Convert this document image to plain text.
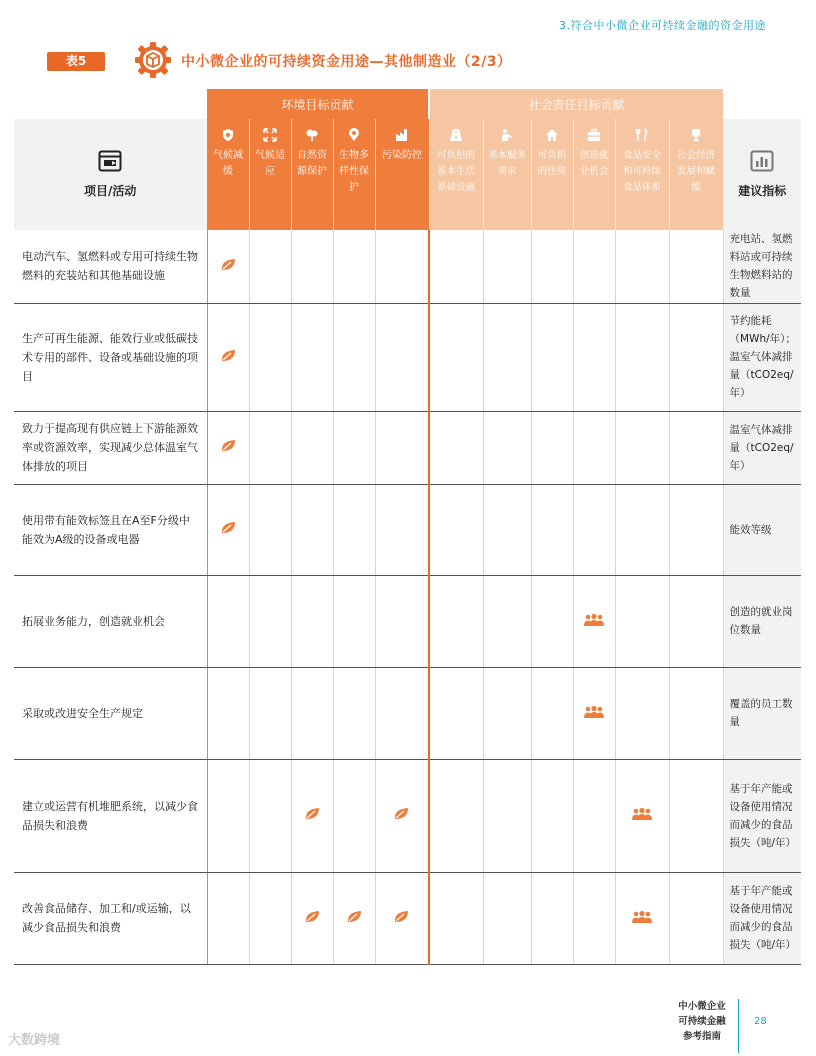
3.符合中小微企业可持续金融的资金用途
表5	中小微企业的可持续资金用途—其他制造业（2/3）
	环境目标贡献					社会责任目标贡献						

项目/活动	气候减缓	气候适应	自然资源保护	生物多样性保护	污染防控	可负担的基本生活基础设施	基本服务需求	可负担的住房	创造就业机会	食品安全和可持续食品体系	社会经济发展和赋能	建议指标
电动汽车、氢燃料或专用可持续生物燃料的充装站和其他基础设施												充电站、氢燃料站或可持续生物燃料站的数量
生产可再生能源、能效行业或低碳技术专用的部件、设备或基础设施的项目												节约能耗（MWh/年）；温室气体减排量（tCO2eq/年）
致力于提高现有供应链上下游能源效率或资源效率，实现减少总体温室气体排放的项目												温室气体减排量（tCO2eq/年）
使用带有能效标签且在A至F分级中能效为A级的设备或电器												能效等级
拓展业务能力，创造就业机会												创造的就业岗位数量
采取或改进安全生产规定												覆盖的员工数量
建立或运营有机堆肥系统，以减少食品损失和浪费												基于年产能或设备使用情况而减少的食品损失（吨/年）
改善食品储存、加工和/或运输，以减少食品损失和浪费												基于年产能或设备使用情况而减少的食品损失（吨/年）
中小微企业
可持续金融
参考指南
28
大数跨境
